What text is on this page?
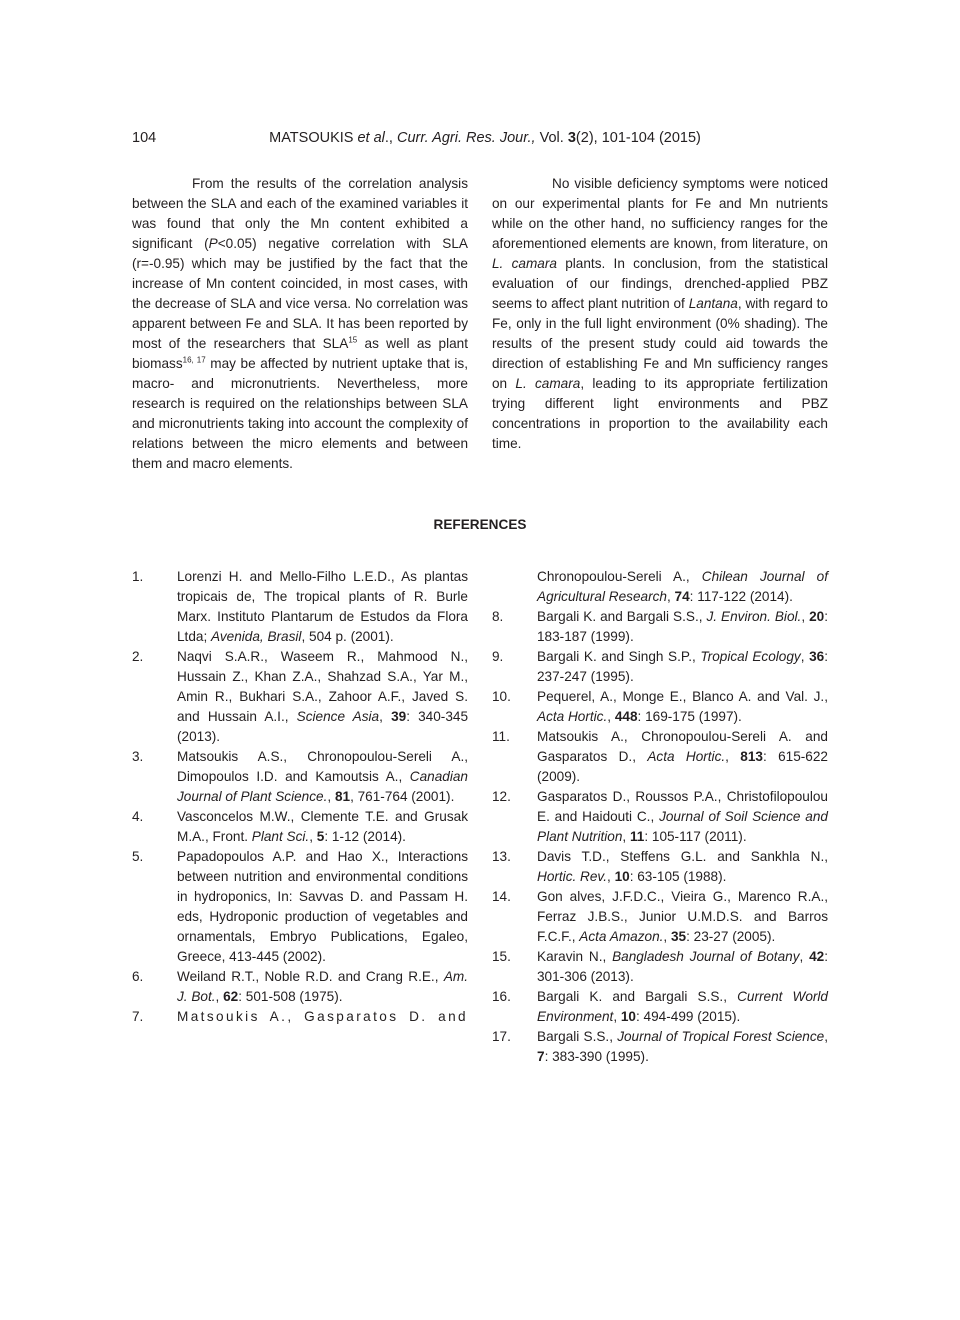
104	MATSOUKIS et al., Curr. Agri. Res. Jour., Vol. 3(2), 101-104 (2015)

From the results of the correlation analysis between the SLA and each of the examined variables it was found that only the Mn content exhibited a significant (P<0.05) negative correlation with SLA (r=-0.95) which may be justified by the fact that the increase of Mn content coincided, in most cases, with the decrease of SLA and vice versa. No correlation was apparent between Fe and SLA. It has been reported by most of the researchers that SLA$^{15}$ as well as plant biomass$^{16, 17}$ may be affected by nutrient uptake that is, macro- and micronutrients. Nevertheless, more research is required on the relationships between SLA and micronutrients taking into account the complexity of relations between the micro elements and between them and macro elements.

No visible deficiency symptoms were noticed on our experimental plants for Fe and Mn nutrients while on the other hand, no sufficiency ranges for the aforementioned elements are known, from literature, on L. camara plants. In conclusion, from the statistical evaluation of our findings, drenched-applied PBZ seems to affect plant nutrition of Lantana, with regard to Fe, only in the full light environment (0% shading). The results of the present study could aid towards the direction of establishing Fe and Mn sufficiency ranges on L. camara, leading to its appropriate fertilization trying different light environments and PBZ concentrations in proportion to the availability each time.

REFERENCES
1.	Lorenzi H. and Mello-Filho L.E.D., As plantas tropicais de, The tropical plants of R. Burle Marx. Instituto Plantarum de Estudos da Flora Ltda; Avenida, Brasil, 504 p. (2001).
2.	Naqvi S.A.R., Waseem R., Mahmood N., Hussain Z., Khan Z.A., Shahzad S.A., Yar M., Amin R., Bukhari S.A., Zahoor A.F., Javed S. and Hussain A.I., Science Asia, 39: 340-345 (2013).
3.	Matsoukis A.S., Chronopoulou-Sereli A., Dimopoulos I.D. and Kamoutsis A., Canadian Journal of Plant Science., 81, 761-764 (2001).
4.	Vasconcelos M.W., Clemente T.E. and Grusak M.A., Front. Plant Sci., 5: 1-12 (2014).
5.	Papadopoulos A.P. and Hao X., Interactions between nutrition and environmental conditions in hydroponics, In: Savvas D. and Passam H. eds, Hydroponic production of vegetables and ornamentals, Embryo Publications, Egaleo, Greece, 413-445 (2002).
6.	Weiland R.T., Noble R.D. and Crang R.E., Am. J. Bot., 62: 501-508 (1975).
7.	Matsoukis A., Gasparatos D. and
Chronopoulou-Sereli A., Chilean Journal of Agricultural Research, 74: 117-122 (2014).
8.	Bargali K. and Bargali S.S., J. Environ. Biol., 20: 183-187 (1999).
9.	Bargali K. and Singh S.P., Tropical Ecology, 36: 237-247 (1995).
10.	Pequerel, A., Monge E., Blanco A. and Val. J., Acta Hortic., 448: 169-175 (1997).
11.	Matsoukis A., Chronopoulou-Sereli A. and Gasparatos D., Acta Hortic., 813: 615-622 (2009).
12.	Gasparatos D., Roussos P.A., Christofilopoulou E. and Haidouti C., Journal of Soil Science and Plant Nutrition, 11: 105-117 (2011).
13.	Davis T.D., Steffens G.L. and Sankhla N., Hortic. Rev., 10: 63-105 (1988).
14.	Gon alves, J.F.D.C., Vieira G., Marenco R.A., Ferraz J.B.S., Junior U.M.D.S. and Barros F.C.F., Acta Amazon., 35: 23-27 (2005).
15.	Karavin N., Bangladesh Journal of Botany, 42: 301-306 (2013).
16.	Bargali K. and Bargali S.S., Current World Environment, 10: 494-499 (2015).
17.	Bargali S.S., Journal of Tropical Forest Science, 7: 383-390 (1995).
